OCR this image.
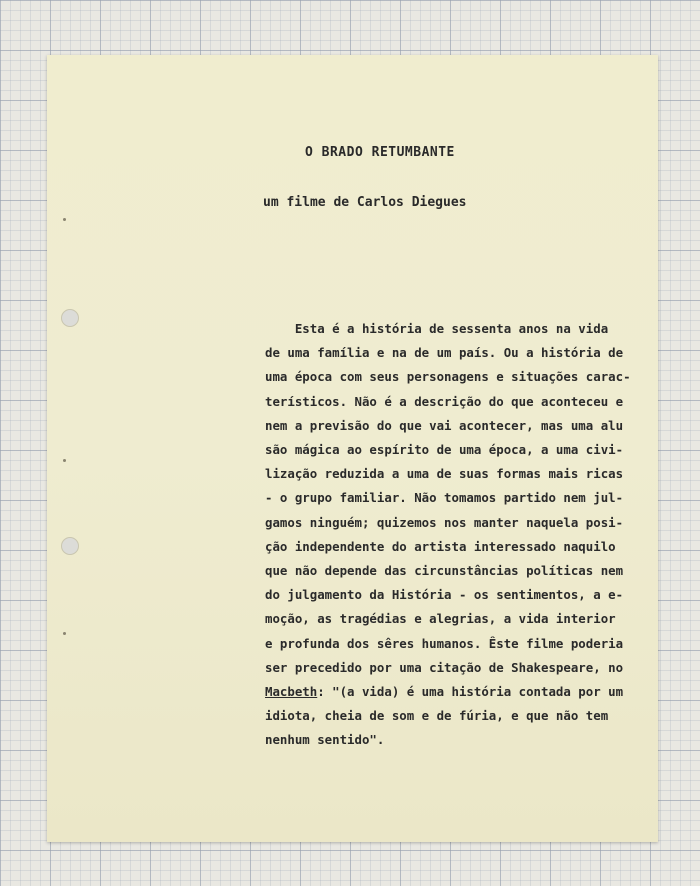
O BRADO RETUMBANTE
um filme de Carlos Diegues
Esta é a história de sessenta anos na vida
de uma família e na de um país. Ou a história de
uma época com seus personagens e situações carac-
terísticos. Não é a descrição do que aconteceu e
nem a previsão do que vai acontecer, mas uma alu
são mágica ao espírito de uma época, a uma civi-
lização reduzida a uma de suas formas mais ricas
- o grupo familiar. Não tomamos partido nem jul-
gamos ninguém; quizemos nos manter naquela posi-
ção independente do artista interessado naquilo
que não depende das circunstâncias políticas nem
do julgamento da História - os sentimentos, a e-
moção, as tragédias e alegrias, a vida interior
e profunda dos sêres humanos. Êste filme poderia
ser precedido por uma citação de Shakespeare, no
Macbeth: "(a vida) é uma história contada por um
idiota, cheia de som e de fúria, e que não tem
nenhum sentido".
